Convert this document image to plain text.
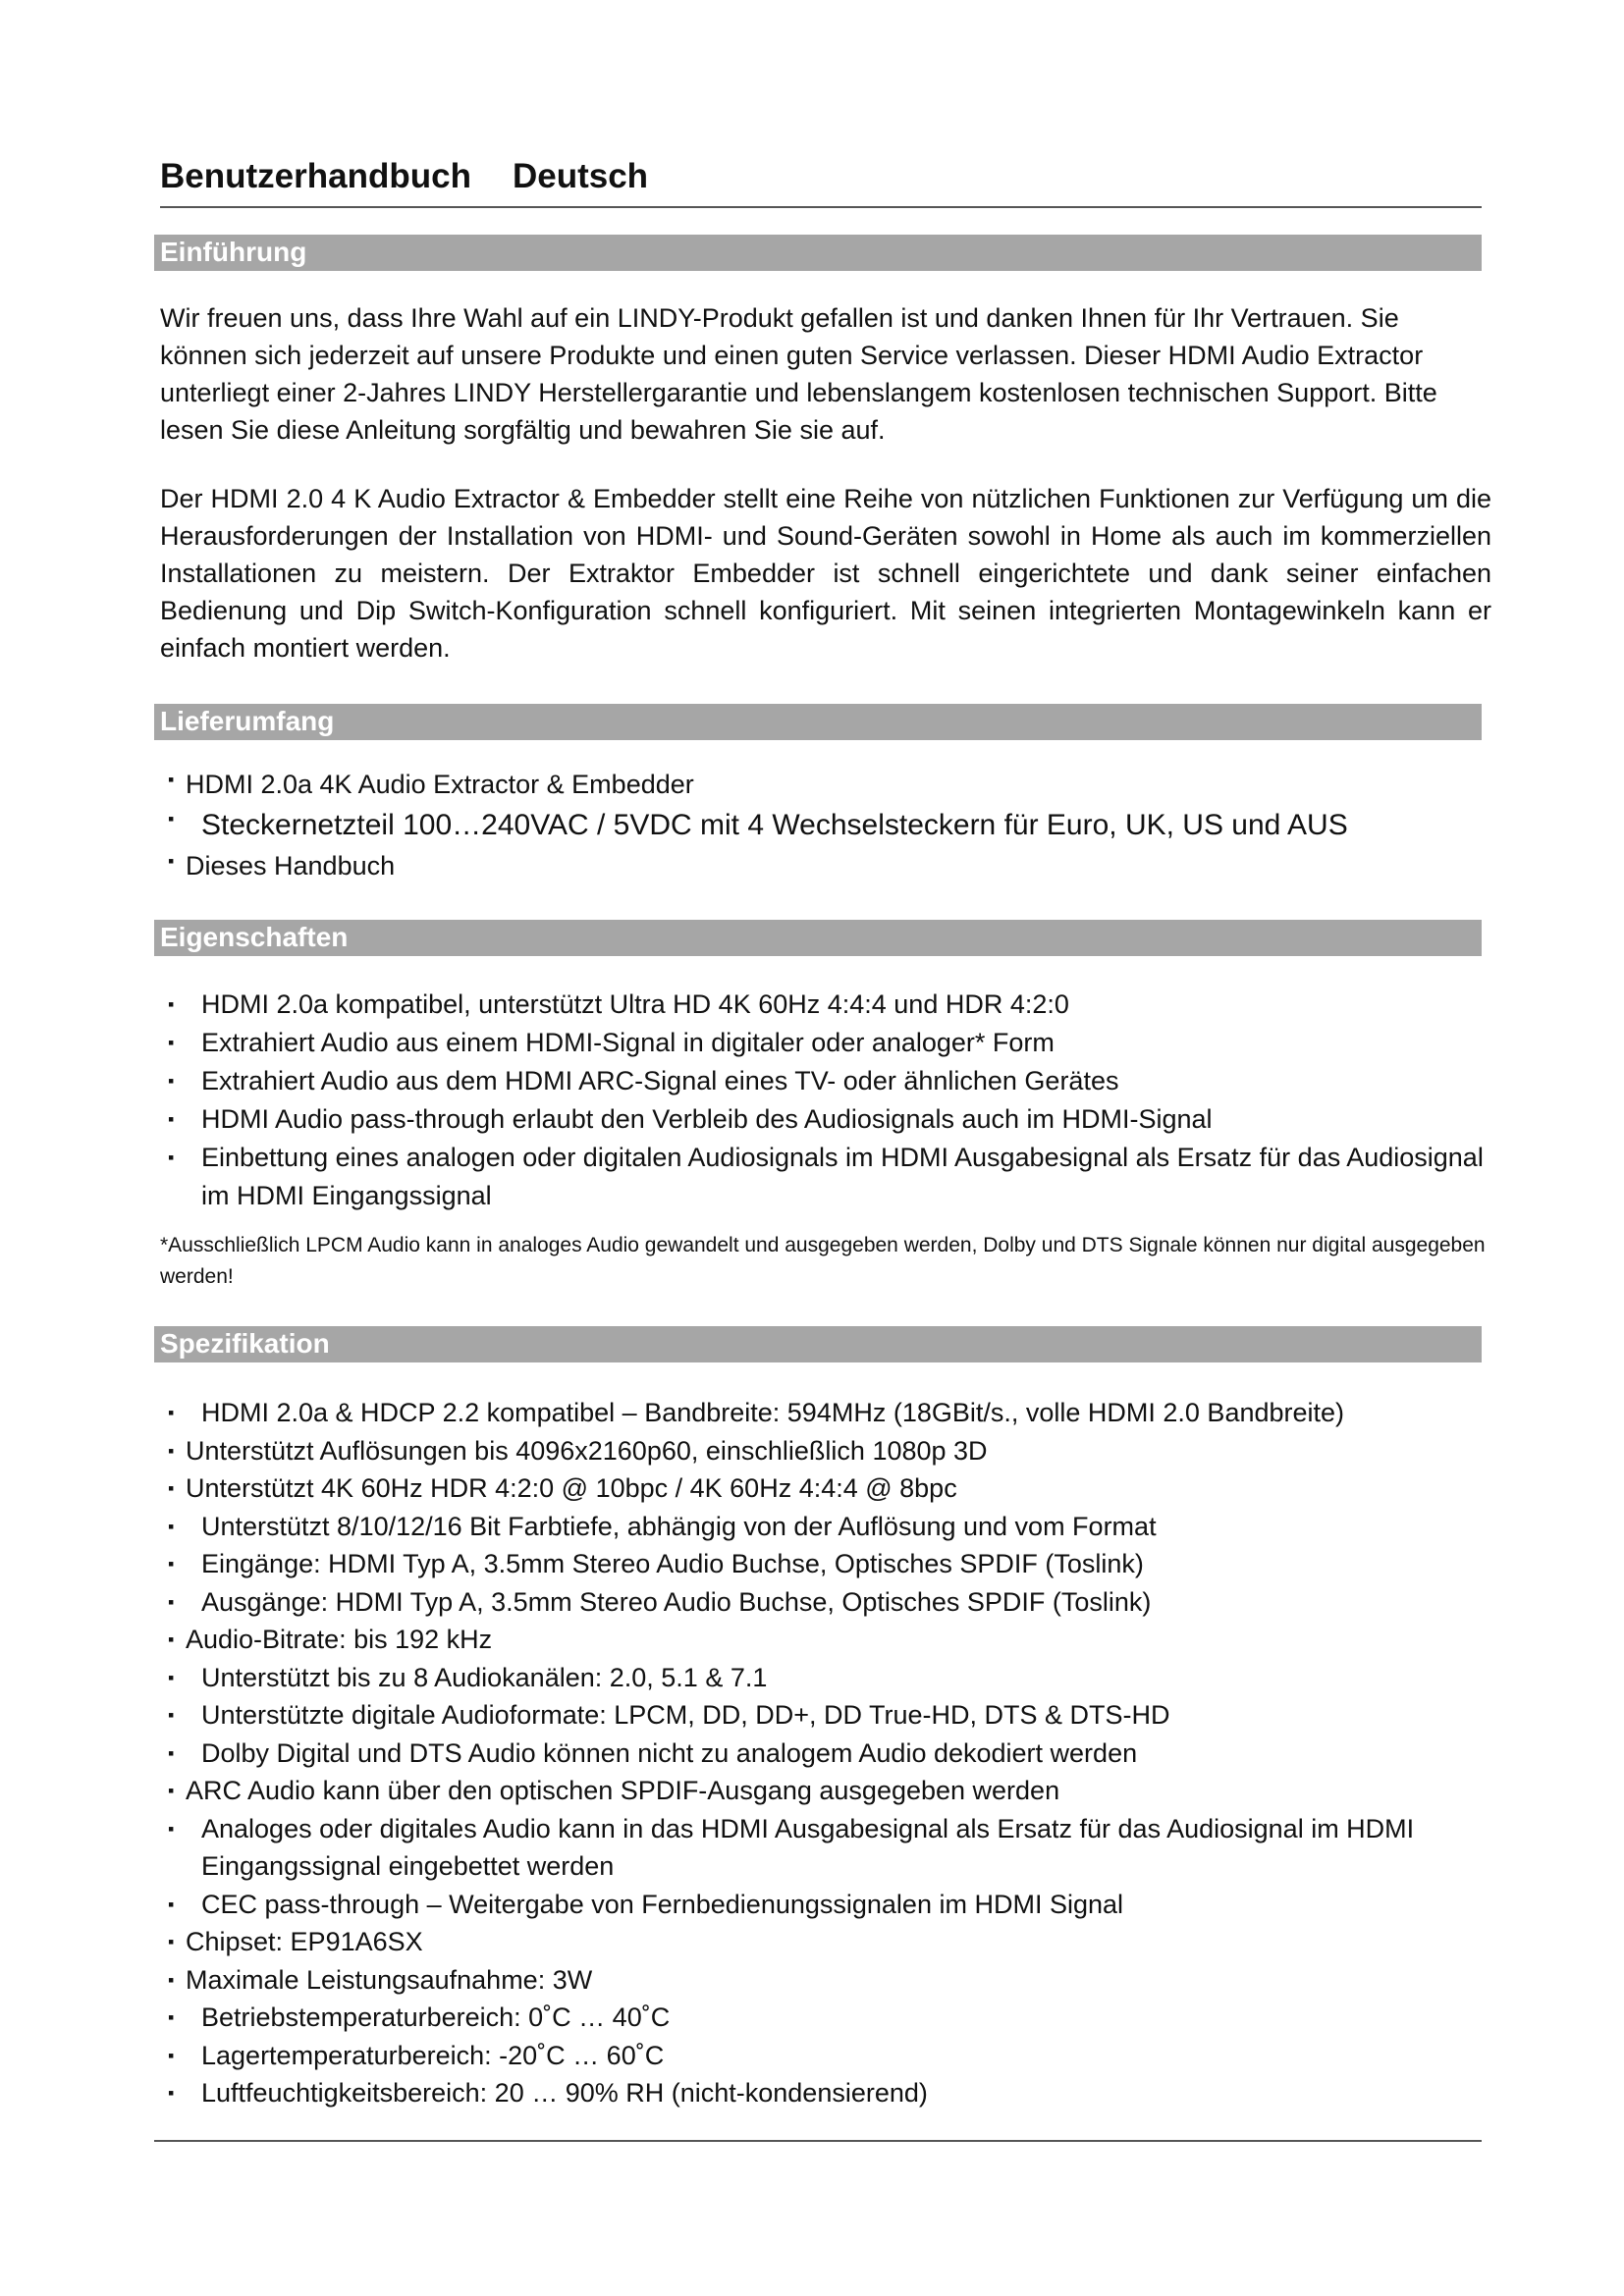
Benutzerhandbuch Deutsch
Einführung
Wir freuen uns, dass Ihre Wahl auf ein LINDY-Produkt gefallen ist und danken Ihnen für Ihr Vertrauen. Sie können sich jederzeit auf unsere Produkte und einen guten Service verlassen. Dieser HDMI Audio Extractor unterliegt einer 2-Jahres LINDY Herstellergarantie und lebenslangem kostenlosen technischen Support. Bitte lesen Sie diese Anleitung sorgfältig und bewahren Sie sie auf.
Der HDMI 2.0 4 K Audio Extractor & Embedder stellt eine Reihe von nützlichen Funktionen zur Verfügung um die Herausforderungen der Installation von HDMI- und Sound-Geräten sowohl in Home als auch im kommerziellen Installationen zu meistern. Der Extraktor Embedder ist schnell eingerichtete und dank seiner einfachen Bedienung und Dip Switch-Konfiguration schnell konfiguriert. Mit seinen integrierten Montagewinkeln kann er einfach montiert werden.
Lieferumfang
▪ HDMI 2.0a 4K Audio Extractor & Embedder
▪ Steckernetzteil 100…240VAC / 5VDC mit 4 Wechselsteckern für Euro, UK, US und AUS
▪ Dieses Handbuch
Eigenschaften
▪ HDMI 2.0a kompatibel, unterstützt Ultra HD 4K 60Hz 4:4:4 und HDR 4:2:0
▪ Extrahiert Audio aus einem HDMI-Signal in digitaler oder analoger* Form
▪ Extrahiert Audio aus dem HDMI ARC-Signal eines TV- oder ähnlichen Gerätes
▪ HDMI Audio pass-through erlaubt den Verbleib des Audiosignals auch im HDMI-Signal
▪ Einbettung eines analogen oder digitalen Audiosignals im HDMI Ausgabesignal als Ersatz für das Audiosignal im HDMI Eingangssignal
*Ausschließlich LPCM Audio kann in analoges Audio gewandelt und ausgegeben werden, Dolby und DTS Signale können nur digital ausgegeben werden!
Spezifikation
▪ HDMI 2.0a & HDCP 2.2 kompatibel – Bandbreite: 594MHz (18GBit/s., volle HDMI 2.0 Bandbreite)
▪ Unterstützt Auflösungen bis 4096x2160p60, einschließlich 1080p 3D
▪ Unterstützt 4K 60Hz HDR 4:2:0 @ 10bpc / 4K 60Hz 4:4:4 @ 8bpc
▪ Unterstützt 8/10/12/16 Bit Farbtiefe, abhängig von der Auflösung und vom Format
▪ Eingänge: HDMI Typ A, 3.5mm Stereo Audio Buchse, Optisches SPDIF (Toslink)
▪ Ausgänge: HDMI Typ A, 3.5mm Stereo Audio Buchse, Optisches SPDIF (Toslink)
▪ Audio-Bitrate: bis 192 kHz
▪ Unterstützt bis zu 8 Audiokanälen: 2.0, 5.1 & 7.1
▪ Unterstützte digitale Audioformate: LPCM, DD, DD+, DD True-HD, DTS & DTS-HD
▪ Dolby Digital und DTS Audio können nicht zu analogem Audio dekodiert werden
▪ ARC Audio kann über den optischen SPDIF-Ausgang ausgegeben werden
▪ Analoges oder digitales Audio kann in das HDMI Ausgabesignal als Ersatz für das Audiosignal im HDMI Eingangssignal eingebettet werden
▪ CEC pass-through – Weitergabe von Fernbedienungssignalen im HDMI Signal
▪ Chipset: EP91A6SX
▪ Maximale Leistungsaufnahme: 3W
▪ Betriebstemperaturbereich: 0˚C … 40˚C
▪ Lagertemperaturbereich: -20˚C … 60˚C
▪ Luftfeuchtigkeitsbereich: 20 … 90% RH (nicht-kondensierend)
